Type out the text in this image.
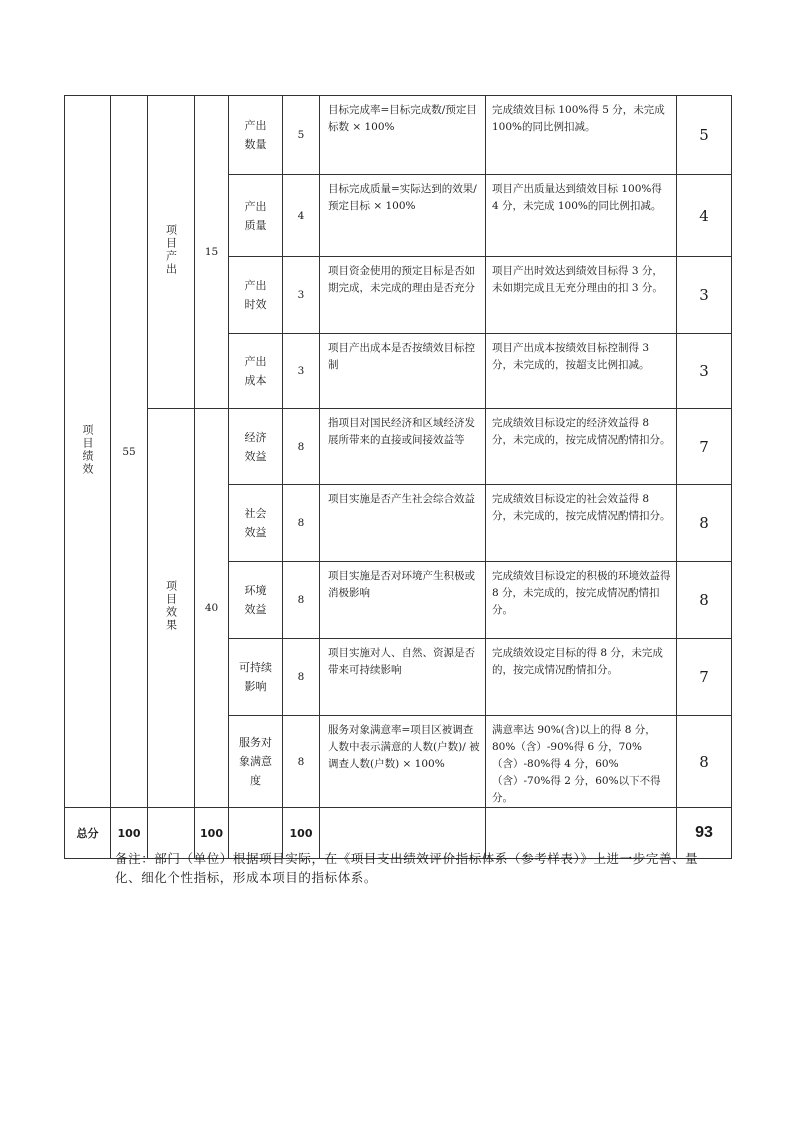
项目绩效	55	项目产出	15	产出数量	5	目标完成率=目标完成数/预定目标数 × 100%	完成绩效目标 100%得 5 分，未完成 100%的同比例扣减。	5

				产出质量	4	目标完成质量=实际达到的效果/预定目标 × 100%	项目产出质量达到绩效目标 100%得 4 分，未完成 100%的同比例扣减。	4

				产出时效	3	项目资金使用的预定目标是否如期完成，未完成的理由是否充分	项目产出时效达到绩效目标得 3 分，未如期完成且无充分理由的扣 3 分。	3

				产出成本	3	项目产出成本是否按绩效目标控制	项目产出成本按绩效目标控制得 3 分，未完成的，按超支比例扣减。	3
		项目效果	40	经济效益	8	指项目对国民经济和区域经济发展所带来的直接或间接效益等	完成绩效目标设定的经济效益得 8 分，未完成的，按完成情况酌情扣分。	7

				社会效益	8	项目实施是否产生社会综合效益	完成绩效目标设定的社会效益得 8 分，未完成的，按完成情况酌情扣分。	8

				环境效益	8	项目实施是否对环境产生积极或消极影响	完成绩效目标设定的积极的环境效益得 8 分，未完成的，按完成情况酌情扣分。	8

				可持续影响	8	项目实施对人、自然、资源是否带来可持续影响	完成绩效设定目标的得 8 分，未完成的，按完成情况酌情扣分。	7

				服务对象满意度	8	服务对象满意率=项目区被调查人数中表示满意的人数(户数)/ 被调查人数(户数) × 100%	满意率达 90%(含)以上的得 8 分，80%（含）-90%得 6 分，70%（含）-80%得 4 分，60%（含）-70%得 2 分，60%以下不得分。	8
总分	100		100		100			93
备注：部门（单位）根据项目实际，在《项目支出绩效评价指标体系（参考样表）》上进一步完善、量化、细化个性指标，形成本项目的指标体系。
